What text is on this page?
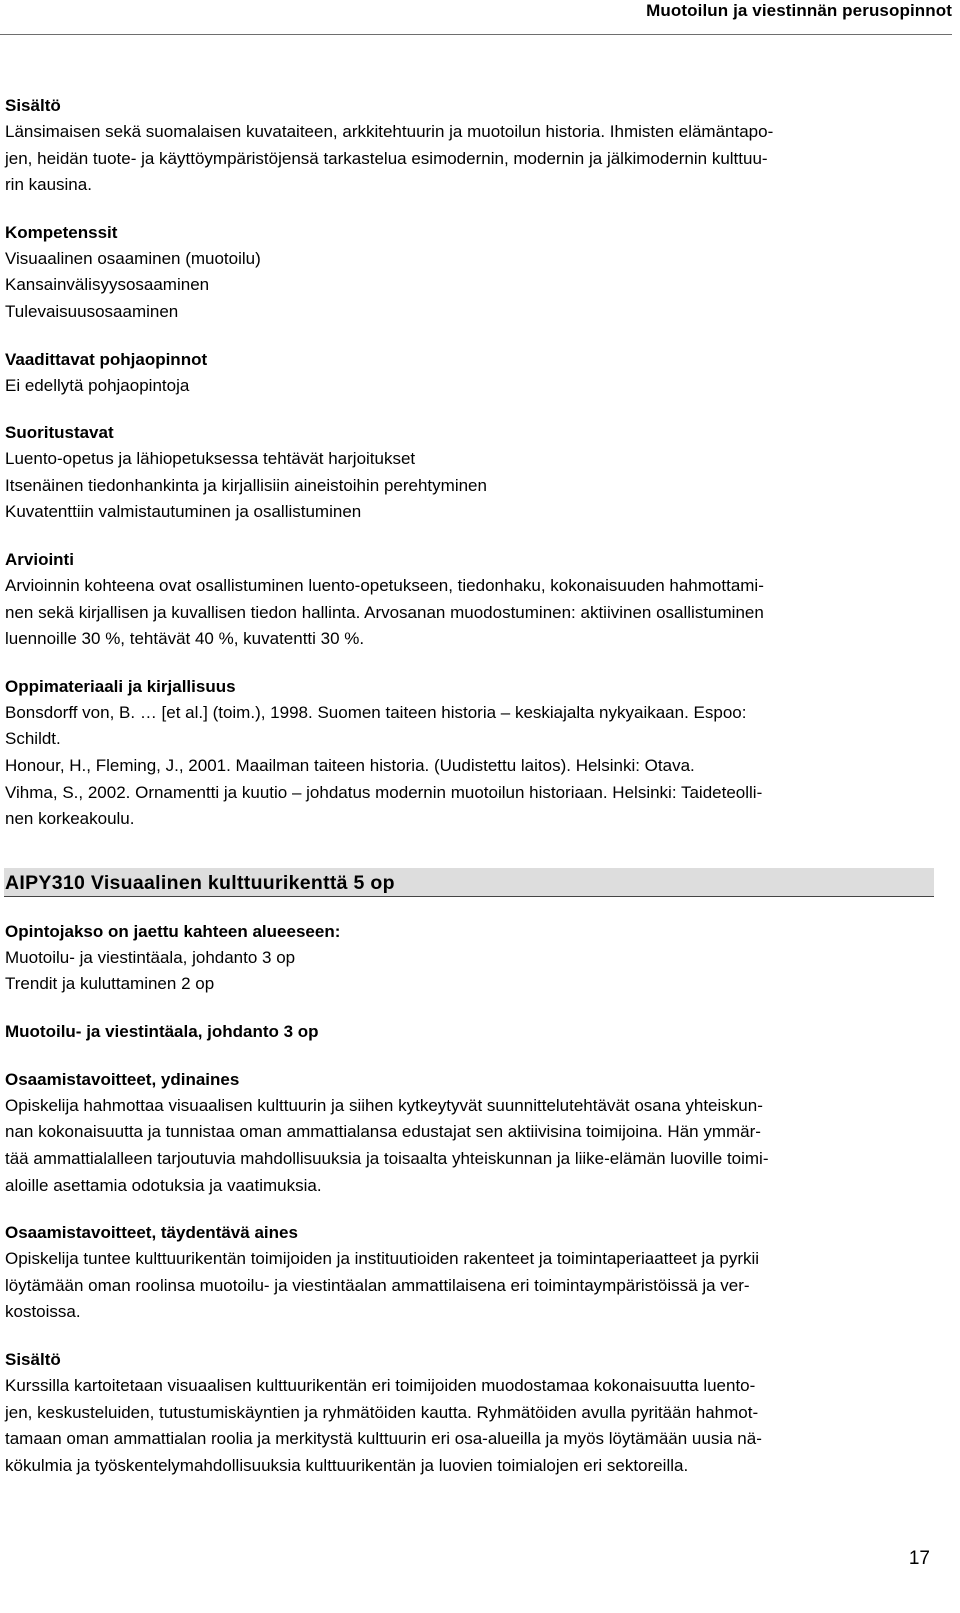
Muotoilun ja viestinnän perusopinnot
Sisältö
Länsimaisen sekä suomalaisen kuvataiteen, arkkitehtuurin ja muotoilun historia. Ihmisten elämäntapo-
jen, heidän tuote- ja käyttöympäristöjensä tarkastelua esimodernin, modernin ja jälkimodernin kulttuu-
rin kausina.
Kompetenssit
Visuaalinen osaaminen (muotoilu)
Kansainvälisyysosaaminen
Tulevaisuusosaaminen
Vaadittavat pohjaopinnot
Ei edellytä pohjaopintoja
Suoritustavat
Luento-opetus ja lähiopetuksessa tehtävät harjoitukset
Itsenäinen tiedonhankinta ja kirjallisiin aineistoihin perehtyminen
Kuvatenttiin valmistautuminen ja osallistuminen
Arviointi
Arvioinnin kohteena ovat osallistuminen luento-opetukseen, tiedonhaku, kokonaisuuden hahmottami-
nen sekä kirjallisen ja kuvallisen tiedon hallinta. Arvosanan muodostuminen: aktiivinen osallistuminen
luennoille 30 %, tehtävät 40 %, kuvatentti 30 %.
Oppimateriaali ja kirjallisuus
Bonsdorff von, B. … [et al.] (toim.), 1998. Suomen taiteen historia – keskiajalta nykyaikaan. Espoo:
Schildt.
Honour, H., Fleming, J., 2001. Maailman taiteen historia. (Uudistettu laitos). Helsinki: Otava.
Vihma, S., 2002. Ornamentti ja kuutio – johdatus modernin muotoilun historiaan. Helsinki: Taideteolli-
nen korkeakoulu.
AIPY310 Visuaalinen kulttuurikenttä 5 op
Opintojakso on jaettu kahteen alueeseen:
Muotoilu- ja viestintäala, johdanto 3 op
Trendit ja kuluttaminen 2 op
Muotoilu- ja viestintäala, johdanto 3 op
Osaamistavoitteet, ydinaines
Opiskelija hahmottaa visuaalisen kulttuurin ja siihen kytkeytyvät suunnittelutehtävät osana yhteiskun-
nan kokonaisuutta ja tunnistaa oman ammattialansa edustajat sen aktiivisina toimijoina. Hän ymmär-
tää ammattialalleen tarjoutuvia mahdollisuuksia ja toisaalta yhteiskunnan ja liike-elämän luoville toimi-
aloille asettamia odotuksia ja vaatimuksia.
Osaamistavoitteet, täydentävä aines
Opiskelija tuntee kulttuurikentän toimijoiden ja instituutioiden rakenteet ja toimintaperiaatteet ja pyrkii
löytämään oman roolinsa muotoilu- ja viestintäalan ammattilaisena eri toimintaympäristöissä ja ver-
kostoissa.
Sisältö
Kurssilla kartoitetaan visuaalisen kulttuurikentän eri toimijoiden muodostamaa kokonaisuutta luento-
jen, keskusteluiden, tutustumiskäyntien ja ryhmätöiden kautta. Ryhmätöiden avulla pyritään hahmot-
tamaan oman ammattialan roolia ja merkitystä kulttuurin eri osa-alueilla ja myös löytämään uusia nä-
kökulmia ja työskentelymahdollisuuksia kulttuurikentän ja luovien toimialojen eri sektoreilla.
17
